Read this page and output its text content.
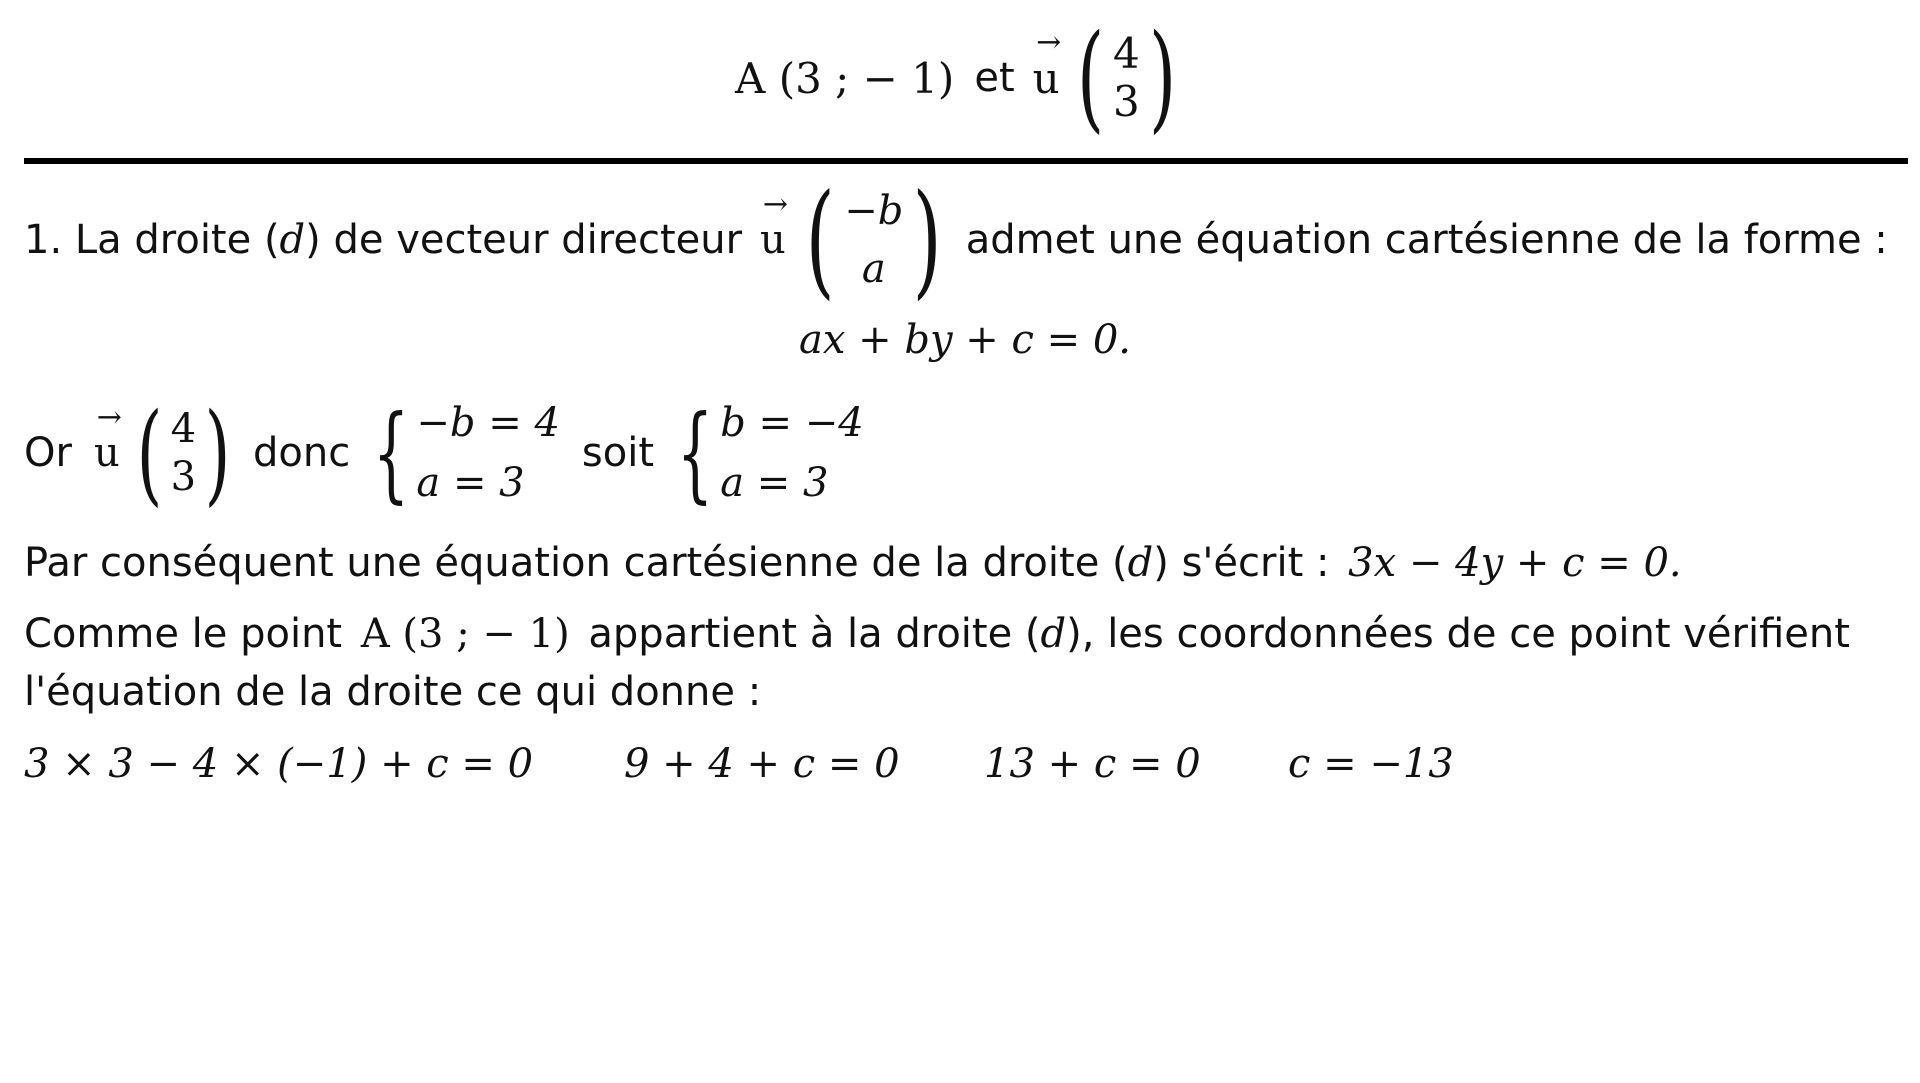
A (3 ; − 1) et
→
u ( 4
3 )
1. La droite ( d ) de vecteur directeur
→
u ( −b
a ) admet une équation cartésienne de la forme :
ax + by + c = 0.
Or
→
u ( 4
3 ) donc { −b = 4
a = 3
soit { b = −4
a = 3
Par conséquent une équation cartésienne de la droite (d) s'écrit : 3x − 4y + c = 0.
Comme le point A (3 ; − 1) appartient à la droite (d), les coordonnées de ce point vérifient
l'équation de la droite ce qui donne :
3 × 3 − 4 × (−1) + c = 0	9 + 4 + c = 0	13 + c = 0	c = −13
